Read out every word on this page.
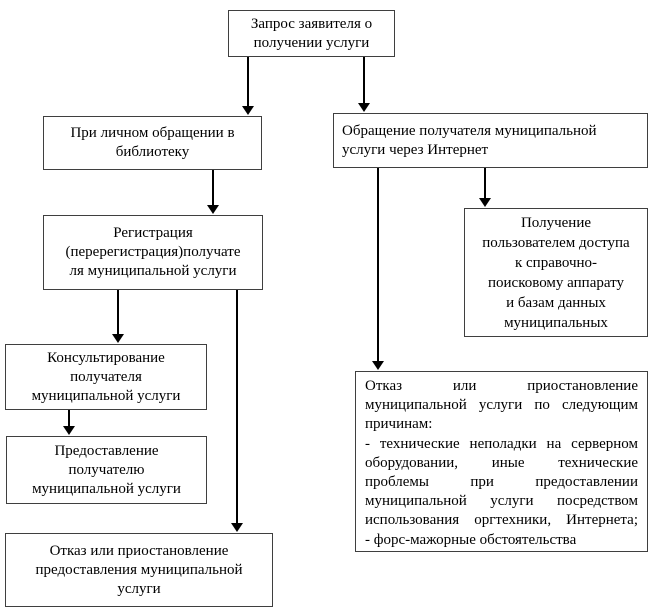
Запрос заявителя о
получении услуги
При личном обращении в
библиотеку
Обращение получателя муниципальной
услуги через Интернет
Регистрация
(перерегистрация)получате
ля муниципальной услуги
Консультирование
получателя
муниципальной услуги
Предоставление
получателю
муниципальной услуги
Отказ или приостановление
предоставления муниципальной
услуги
Получение
пользователем доступа
к справочно-
поисковому аппарату
и базам данных
муниципальных
Отказ или приостановление
муниципальной услуги по следующим
причинам:
- технические неполадки на серверном
оборудовании, иные технические
проблемы при предоставлении
муниципальной услуги посредством
использования оргтехники, Интернета;
- форс-мажорные обстоятельства
